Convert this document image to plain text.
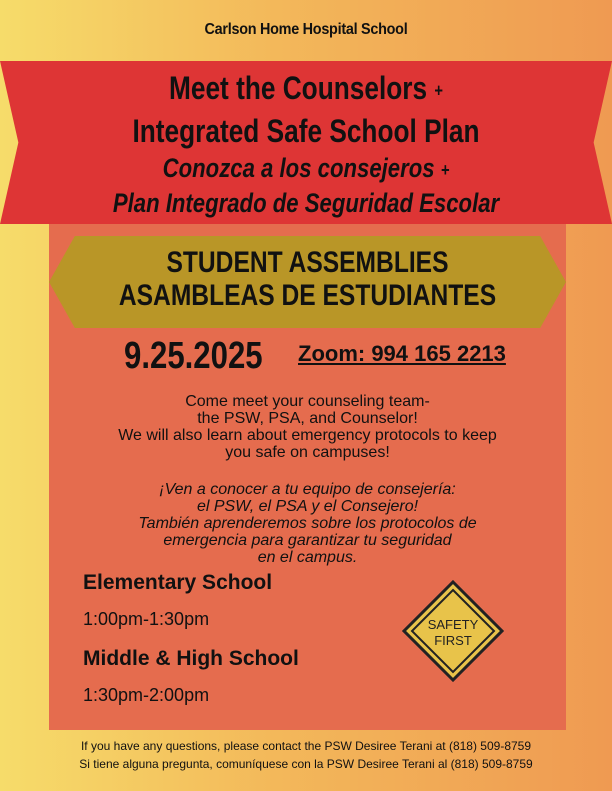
Carlson Home Hospital School
Meet the Counselors +
Integrated Safe School Plan
Conozca a los consejeros +
Plan Integrado de Seguridad Escolar
STUDENT ASSEMBLIES
ASAMBLEAS DE ESTUDIANTES
9.25.2025 Zoom: 994 165 2213
Come meet your counseling team-
the PSW, PSA, and Counselor!
We will also learn about emergency protocols to keep
you safe on campuses!
¡Ven a conocer a tu equipo de consejería:
el PSW, el PSA y el Consejero!
También aprenderemos sobre los protocolos de
emergencia para garantizar tu seguridad
en el campus.
Elementary School
1:00pm-1:30pm
Middle & High School
1:30pm-2:00pm
SAFETY
FIRST
If you have any questions, please contact the PSW Desiree Terani at (818) 509-8759
Si tiene alguna pregunta, comuníquese con la PSW Desiree Terani al (818) 509-8759
